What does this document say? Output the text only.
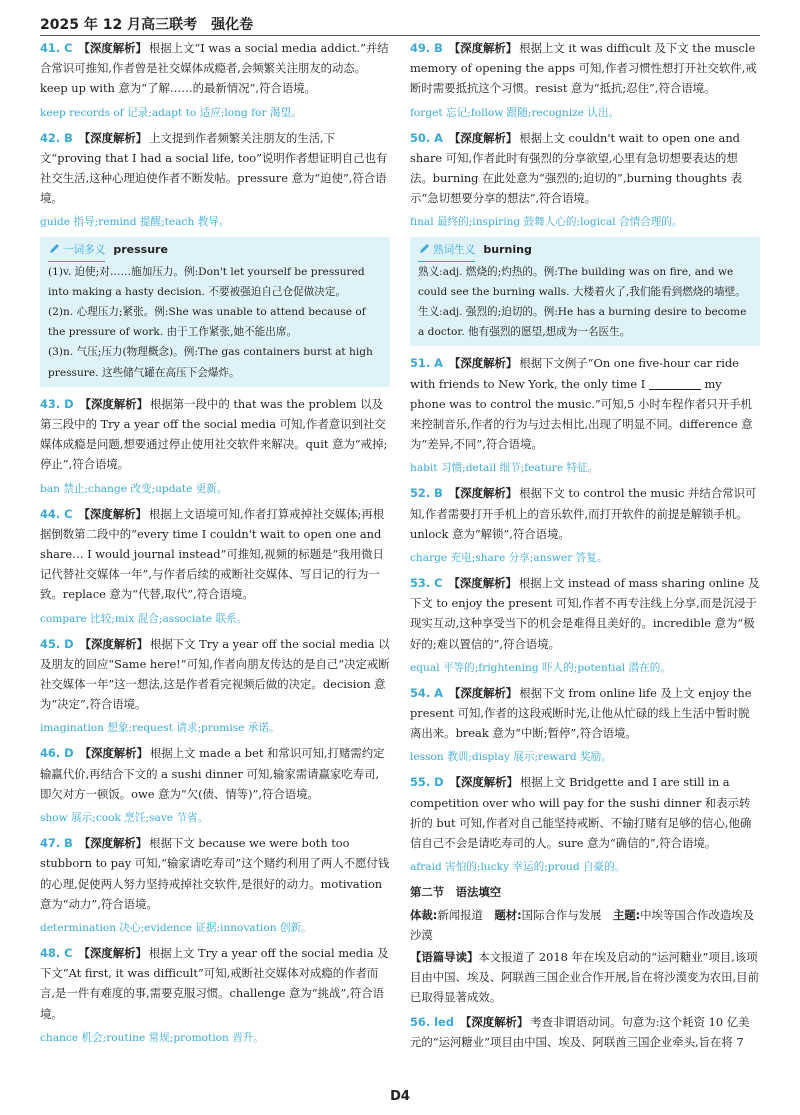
2025 年 12 月高三联考　强化卷
41. C 【深度解析】 根据上文“I was a social media addict.”并结合常识可推知,作者曾是社交媒体成瘾者,会频繁关注朋友的动态。keep up with 意为“了解……的最新情况”,符合语境。
keep records of 记录;adapt to 适应;long for 渴望。
42. B 【深度解析】 上文提到作者频繁关注朋友的生活,下文“proving that I had a social life, too”说明作者想证明自己也有社交生活,这种心理迫使作者不断发帖。pressure 意为“迫使”,符合语境。
guide 指导;remind 提醒;teach 教导。
一词多义 pressure
(1)v. 迫使;对……施加压力。例:Don't let yourself be pressured into making a hasty decision. 不要被强迫自己仓促做决定。
(2)n. 心理压力;紧张。例:She was unable to attend because of the pressure of work. 由于工作紧张,她不能出席。
(3)n. 气压;压力(物理概念)。例:The gas containers burst at high pressure. 这些储气罐在高压下会爆炸。
43. D 【深度解析】 根据第一段中的 that was the problem 以及第三段中的 Try a year off the social media 可知,作者意识到社交媒体成瘾是问题,想要通过停止使用社交软件来解决。quit 意为“戒掉;停止”,符合语境。
ban 禁止;change 改变;update 更新。
44. C 【深度解析】 根据上文语境可知,作者打算戒掉社交媒体;再根据倒数第二段中的“every time I couldn't wait to open one and share… I would journal instead”可推知,视频的标题是“我用微日记代替社交媒体一年”,与作者后续的戒断社交媒体、写日记的行为一致。replace 意为“代替,取代”,符合语境。
compare 比较;mix 混合;associate 联系。
45. D 【深度解析】 根据下文 Try a year off the social media 以及朋友的回应“Same here!”可知,作者向朋友传达的是自己“决定戒断社交媒体一年”这一想法,这是作者看完视频后做的决定。decision 意为“决定”,符合语境。
imagination 想象;request 请求;promise 承诺。
46. D 【深度解析】 根据上文 made a bet 和常识可知,打赌需约定输赢代价,再结合下文的 a sushi dinner 可知,输家需请赢家吃寿司,即欠对方一顿饭。owe 意为“欠(债、情等)”,符合语境。
show 展示;cook 烹饪;save 节省。
47. B 【深度解析】 根据下文 because we were both too stubborn to pay 可知,“输家请吃寿司”这个赌约利用了两人不愿付钱的心理,促使两人努力坚持戒掉社交软件,是很好的动力。motivation 意为“动力”,符合语境。
determination 决心;evidence 证据;innovation 创新。
48. C 【深度解析】 根据上文 Try a year off the social media 及下文“At first, it was difficult”可知,戒断社交媒体对成瘾的作者而言,是一件有难度的事,需要克服习惯。challenge 意为“挑战”,符合语境。
chance 机会;routine 常规;promotion 晋升。
49. B 【深度解析】 根据上文 it was difficult 及下文 the muscle memory of opening the apps 可知,作者习惯性想打开社交软件,戒断时需要抵抗这个习惯。resist 意为“抵抗;忍住”,符合语境。
forget 忘记;follow 跟随;recognize 认出。
50. A 【深度解析】 根据上文 couldn't wait to open one and share 可知,作者此时有强烈的分享欲望,心里有急切想要表达的想法。burning 在此处意为“强烈的;迫切的”,burning thoughts 表示“急切想要分享的想法”,符合语境。
final 最终的;inspiring 鼓舞人心的;logical 合情合理的。
熟词生义 burning
熟义:adj. 燃烧的;灼热的。例:The building was on fire, and we could see the burning walls. 大楼着火了,我们能看到燃烧的墙壁。
生义:adj. 强烈的;迫切的。例:He has a burning desire to become a doctor. 他有强烈的愿望,想成为一名医生。
51. A 【深度解析】 根据下文例子“On one five-hour car ride with friends to New York, the only time I	my phone was to control the music.”可知,5 小时车程作者只开手机来控制音乐,作者的行为与过去相比,出现了明显不同。difference 意为“差异,不同”,符合语境。
habit 习惯;detail 细节;feature 特征。
52. B 【深度解析】 根据下文 to control the music 并结合常识可知,作者需要打开手机上的音乐软件,而打开软件的前提是解锁手机。unlock 意为“解锁”,符合语境。
charge 充电;share 分享;answer 答复。
53. C 【深度解析】 根据上文 instead of mass sharing online 及下文 to enjoy the present 可知,作者不再专注线上分享,而是沉浸于现实互动,这种享受当下的机会是难得且美好的。incredible 意为“极好的;难以置信的”,符合语境。
equal 平等的;frightening 吓人的;potential 潜在的。
54. A 【深度解析】 根据下文 from online life 及上文 enjoy the present 可知,作者的这段戒断时光,让他从忙碌的线上生活中暂时脱离出来。break 意为“中断;暂停”,符合语境。
lesson 教训;display 展示;reward 奖励。
55. D 【深度解析】 根据上文 Bridgette and I are still in a competition over who will pay for the sushi dinner 和表示转折的 but 可知,作者对自己能坚持戒断、不输打赌有足够的信心,他确信自己不会是请吃寿司的人。sure 意为“确信的”,符合语境。
afraid 害怕的;lucky 幸运的;proud 自豪的。
第二节　语法填空
体裁:新闻报道　 题材:国际合作与发展　 主题:中埃等国合作改造埃及沙漠
【语篇导读】本文报道了 2018 年在埃及启动的“运河糖业”项目,该项目由中国、埃及、阿联酋三国企业合作开展,旨在将沙漠变为农田,目前已取得显著成效。
56. led 【深度解析】 考查非谓语动词。句意为:这个耗资 10 亿美元的“运河糖业”项目由中国、埃及、阿联酋三国企业牵头,旨在将 7
D4
